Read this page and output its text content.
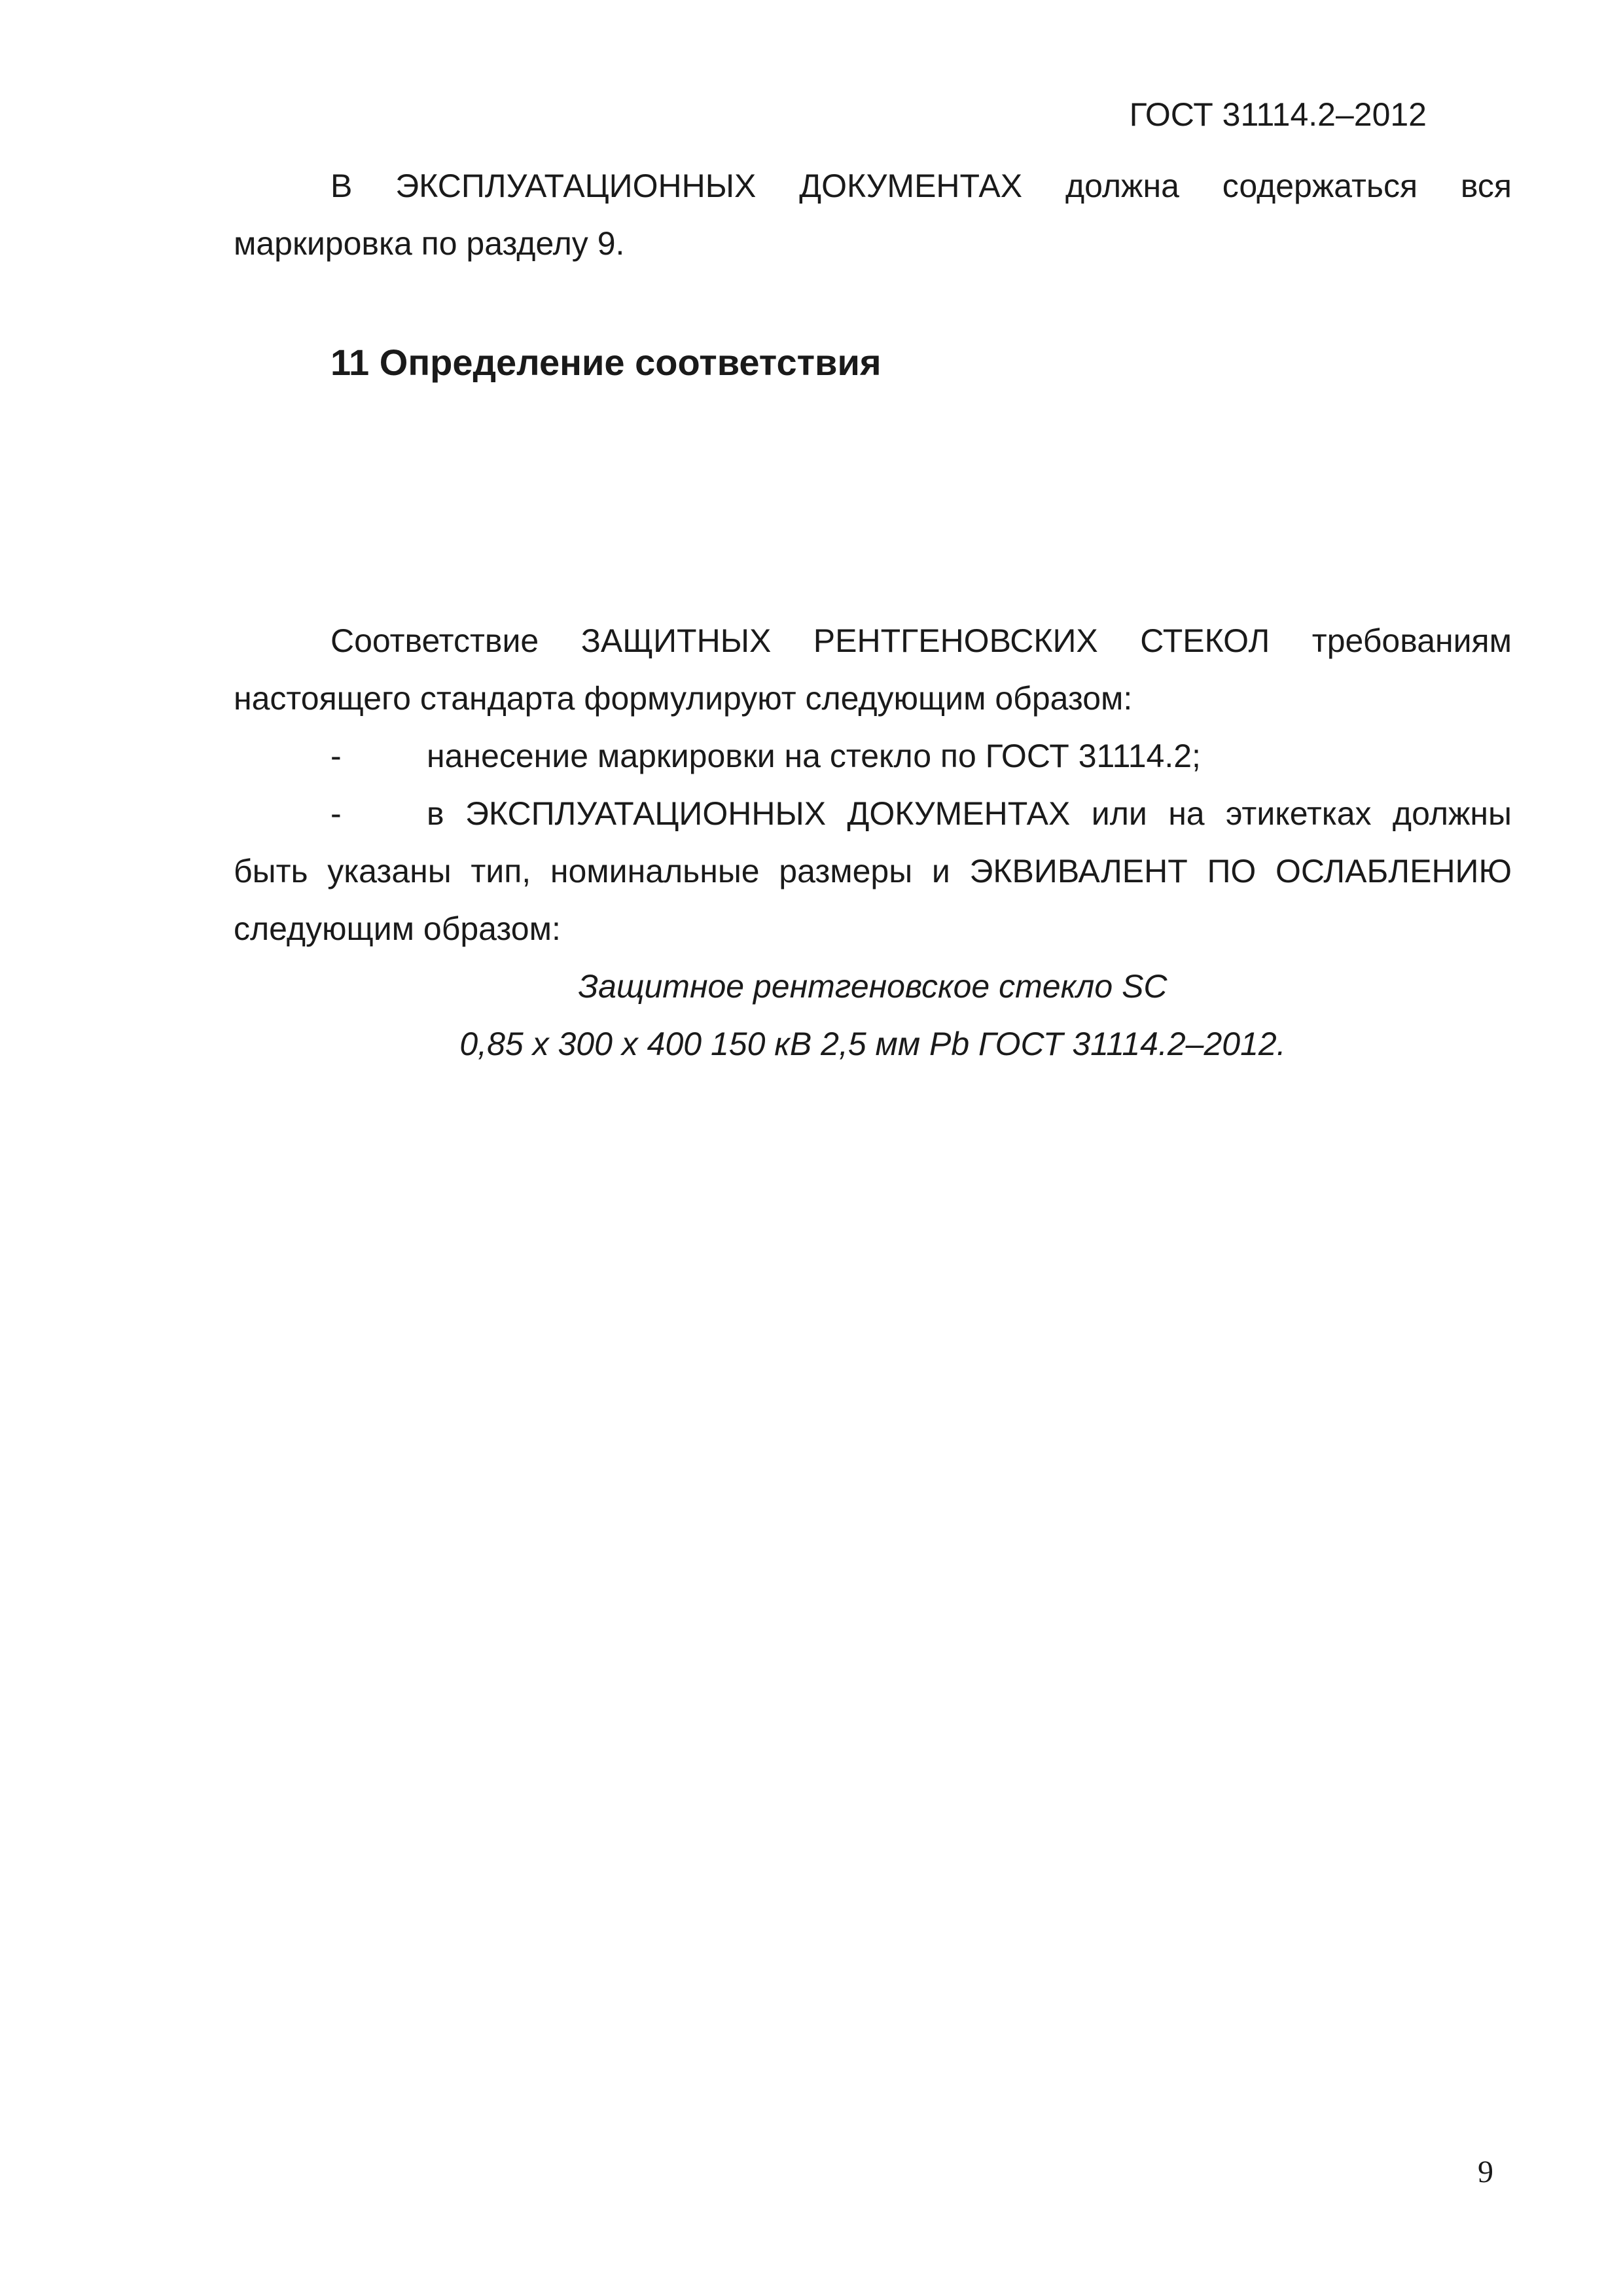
ГОСТ 31114.2–2012

В ЭКСПЛУАТАЦИОННЫХ ДОКУМЕНТАХ должна содержаться вся маркировка по разделу 9.

11 Определение соответствия

Соответствие ЗАЩИТНЫХ РЕНТГЕНОВСКИХ СТЕКОЛ требованиям настоящего стандарта формулируют следующим образом:

-	нанесение маркировки на стекло по ГОСТ 31114.2;
-	в ЭКСПЛУАТАЦИОННЫХ ДОКУМЕНТАХ или на этикетках должны быть указаны тип, номинальные размеры и ЭКВИВАЛЕНТ ПО ОСЛАБЛЕНИЮ следующим образом:

Защитное рентгеновское стекло SC

0,85 х 300 х 400 150 кВ 2,5 мм Pb ГОСТ 31114.2–2012.

9
